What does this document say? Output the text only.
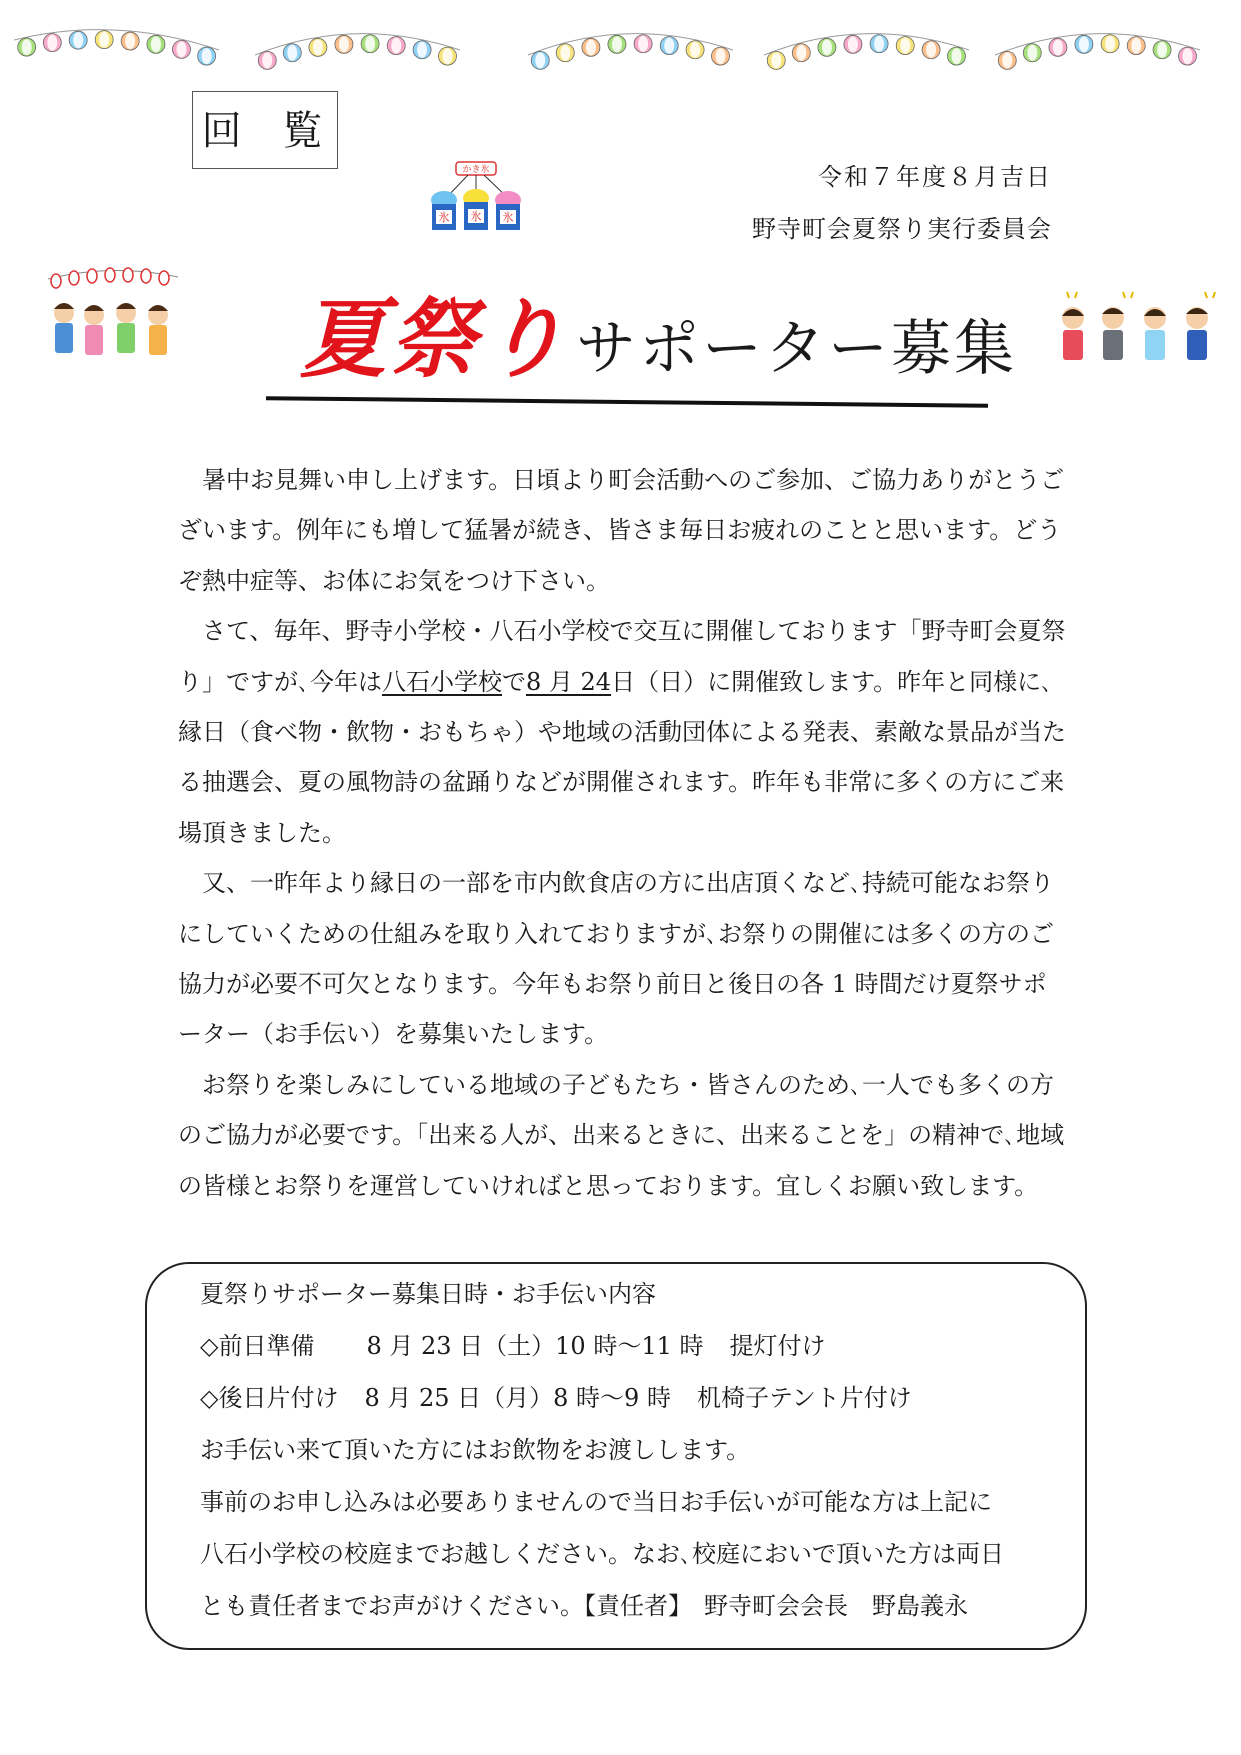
回 覧
かき氷
氷 氷 氷
令和７年度８月吉日
野寺町会夏祭り実行委員会
夏祭り サポーター募集

暑中お見舞い申し上げます。日頃より町会活動へのご参加、ご協力ありがとうございます。例年にも増して猛暑が続き、皆さま毎日お疲れのことと思います。どうぞ熱中症等、お体にお気をつけ下さい。

さて、毎年、野寺小学校・八石小学校で交互に開催しております「野寺町会夏祭り」ですが､今年は八石小学校で8 月 24日（日）に開催致します。昨年と同様に､縁日（食べ物・飲物・おもちゃ）や地域の活動団体による発表、素敵な景品が当たる抽選会、夏の風物詩の盆踊りなどが開催されます。昨年も非常に多くの方にご来場頂きました。

又、一昨年より縁日の一部を市内飲食店の方に出店頂くなど､持続可能なお祭りにしていくための仕組みを取り入れておりますが､お祭りの開催には多くの方のご協力が必要不可欠となります。今年もお祭り前日と後日の各 1 時間だけ夏祭サポーター（お手伝い）を募集いたします。

お祭りを楽しみにしている地域の子どもたち・皆さんのため､一人でも多くの方のご協力が必要です。｢出来る人が、出来るときに、出来ることを」の精神で､地域の皆様とお祭りを運営していければと思っております。宜しくお願い致します。

夏祭りサポーター募集日時・お手伝い内容
◇前日準備 8 月 23 日（土）10 時～11 時 提灯付け
◇後日片付け 8 月 25 日（月）8 時～9 時 机椅子テント片付け
お手伝い来て頂いた方にはお飲物をお渡しします。
事前のお申し込みは必要ありませんので当日お手伝いが可能な方は上記に
八石小学校の校庭までお越しください。なお､校庭においで頂いた方は両日
とも責任者までお声がけください。【責任者】　野寺町会会長　野島義永
